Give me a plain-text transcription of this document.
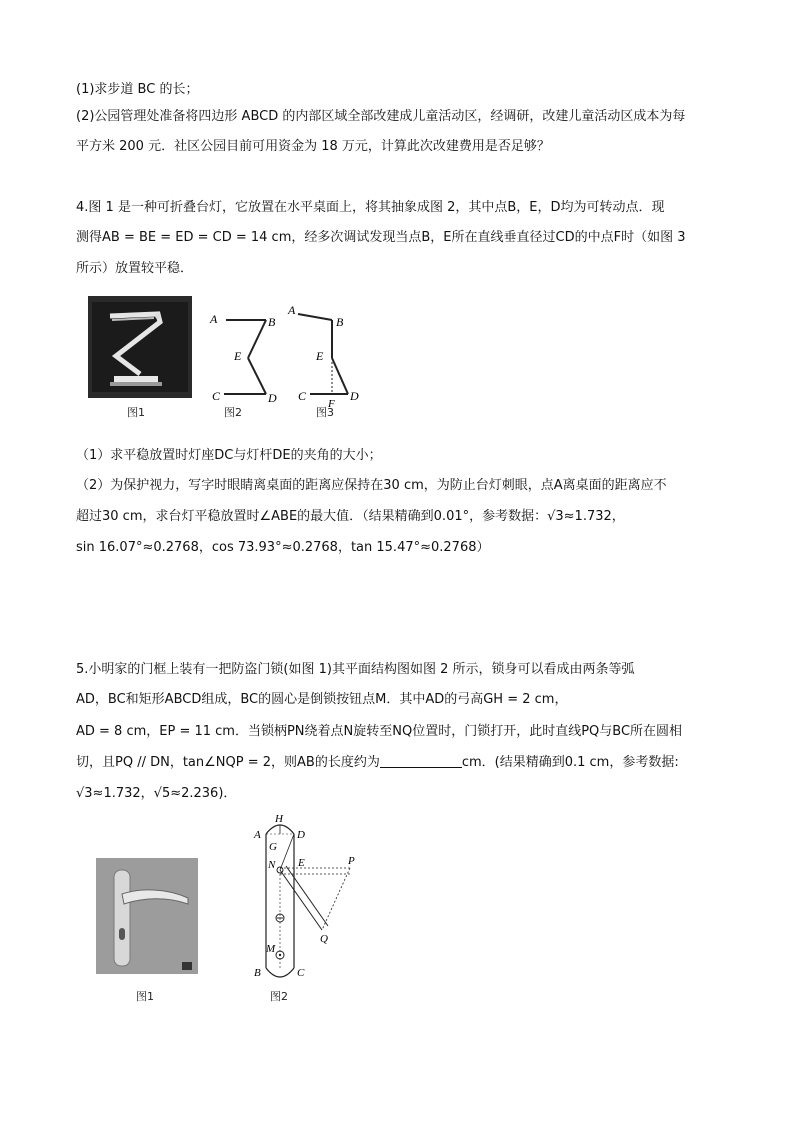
(1)求步道 BC 的长；
(2)公园管理处准备将四边形 ABCD 的内部区域全部改建成儿童活动区，经调研，改建儿童活动区成本为每
平方米 200 元．社区公园目前可用资金为 18 万元，计算此次改建费用是否足够？
4.图 1 是一种可折叠台灯，它放置在水平桌面上，将其抽象成图 2，其中点B，E，D均为可转动点．现
测得AB = BE = ED = CD = 14 cm，经多次调试发现当点B，E所在直线垂直径过CD的中点F时（如图 3
所示）放置较平稳．
A	B
E
C	D
A
B
E
C	D
F
图1	图2	图3
（1）求平稳放置时灯座DC与灯杆DE的夹角的大小；
（2）为保护视力，写字时眼睛离桌面的距离应保持在30 cm，为防止台灯刺眼，点A离桌面的距离应不
超过30 cm，求台灯平稳放置时∠ABE的最大值．（结果精确到0.01°，参考数据：√3≈1.732，
sin 16.07°≈0.2768，cos 73.93°≈0.2768，tan 15.47°≈0.2768）
5.小明家的门框上装有一把防盗门锁(如图 1)其平面结构图如图 2 所示，锁身可以看成由两条等弧
AD，BC和矩形ABCD组成，BC的圆心是倒锁按钮点M．其中AD的弓高GH = 2 cm，
AD = 8 cm，EP = 11 cm．当锁柄PN绕着点N旋转至NQ位置时，门锁打开，此时直线PQ与BC所在圆相
切，且PQ // DN，tan∠NQP = 2，则AB的长度约为	cm．(结果精确到0.1 cm，参考数据:
√3≈1.732，√5≈2.236)．
H
A	D
G
N E	P
Q
M
B	C
图1	图2
